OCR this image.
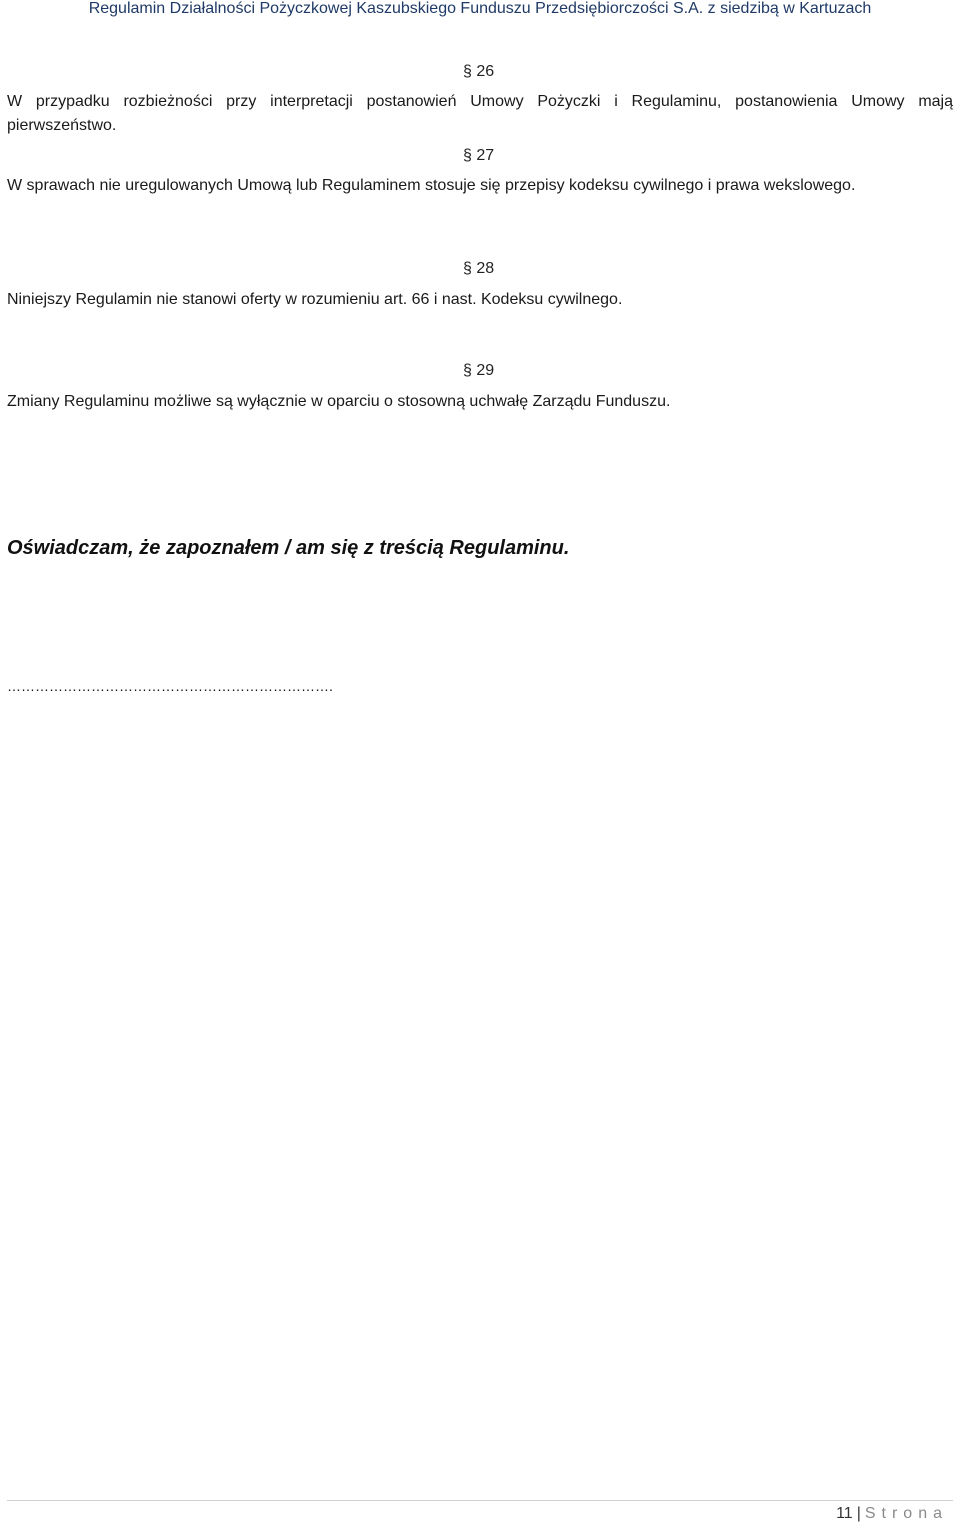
Regulamin Działalności Pożyczkowej Kaszubskiego Funduszu Przedsiębiorczości S.A. z siedzibą w Kartuzach
§ 26
W przypadku rozbieżności przy interpretacji postanowień Umowy Pożyczki i Regulaminu, postanowienia Umowy mają pierwszeństwo.
§ 27
W sprawach nie uregulowanych Umową lub Regulaminem stosuje się przepisy kodeksu cywilnego i prawa wekslowego.
§ 28
Niniejszy Regulamin nie stanowi oferty w rozumieniu art. 66 i nast. Kodeksu cywilnego.
§ 29
Zmiany Regulaminu możliwe są wyłącznie w oparciu o stosowną uchwałę Zarządu Funduszu.
Oświadczam, że zapoznałem / am się z treścią Regulaminu.
…………………………………………………………….
11 | Strona
